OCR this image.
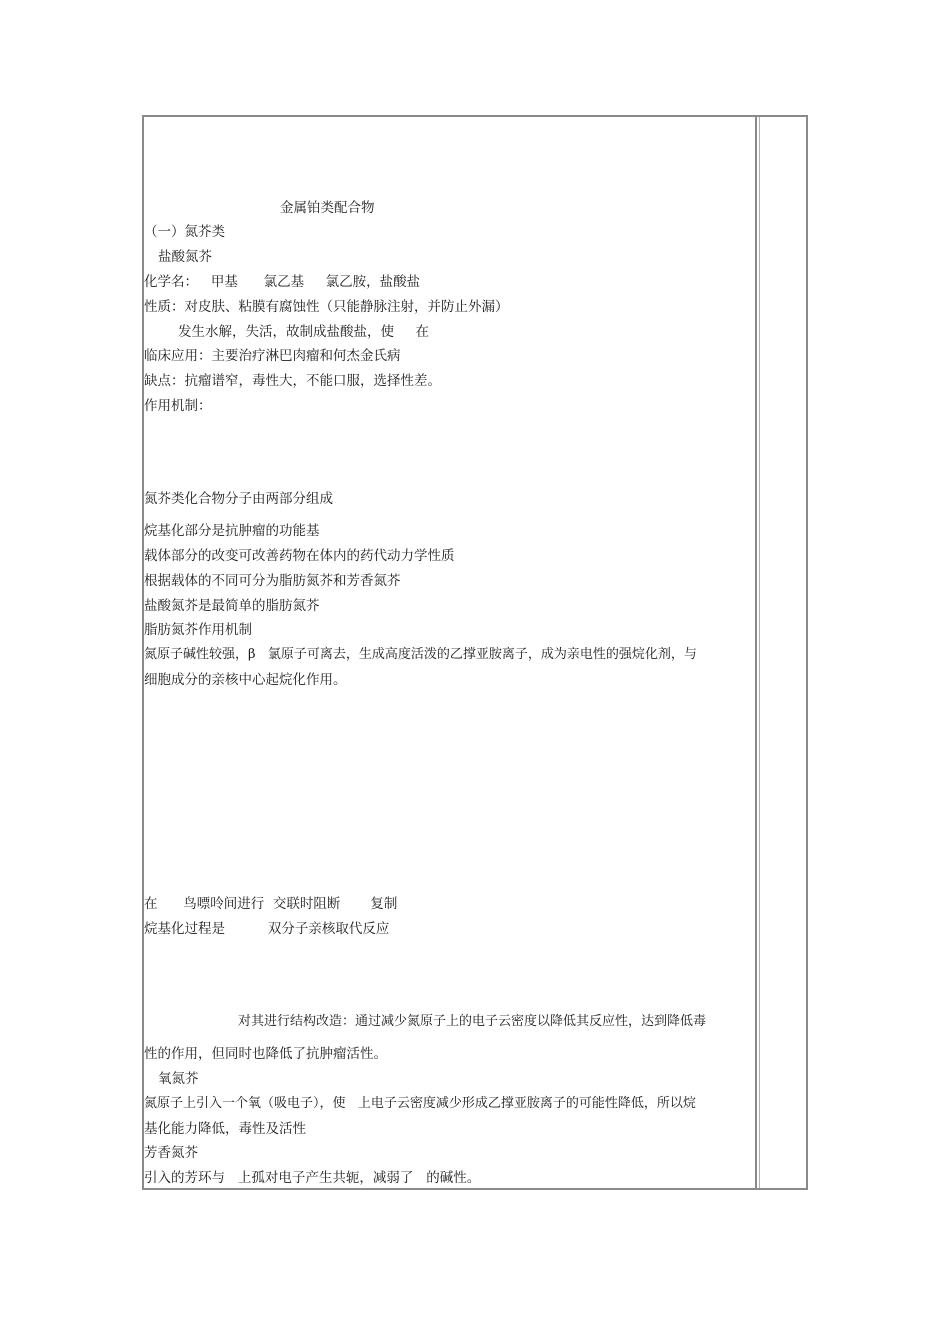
金属铂类配合物
（一）氮芥类
盐酸氮芥
化学名：   甲基      氯乙基     氯乙胺，盐酸盐
性质：对皮肤、粘膜有腐蚀性（只能静脉注射，并防止外漏）
发生水解，失活，故制成盐酸盐，使     在
临床应用：主要治疗淋巴肉瘤和何杰金氏病
缺点：抗瘤谱窄，毒性大，不能口服，选择性差。
作用机制：
氮芥类化合物分子由两部分组成
烷基化部分是抗肿瘤的功能基
载体部分的改变可改善药物在体内的药代动力学性质
根据载体的不同可分为脂肪氮芥和芳香氮芥
盐酸氮芥是最简单的脂肪氮芥
脂肪氮芥作用机制
氮原子碱性较强，β   氯原子可离去，生成高度活泼的乙撑亚胺离子，成为亲电性的强烷化剂，与
细胞成分的亲核中心起烷化作用。
在      鸟嘌呤间进行  交联时阻断       复制
烷基化过程是          双分子亲核取代反应
对其进行结构改造：通过减少氮原子上的电子云密度以降低其反应性，达到降低毒
性的作用，但同时也降低了抗肿瘤活性。
氧氮芥
氮原子上引入一个氧（吸电子），使   上电子云密度减少形成乙撑亚胺离子的可能性降低，所以烷
基化能力降低，毒性及活性
芳香氮芥
引入的芳环与   上孤对电子产生共轭，减弱了   的碱性。
